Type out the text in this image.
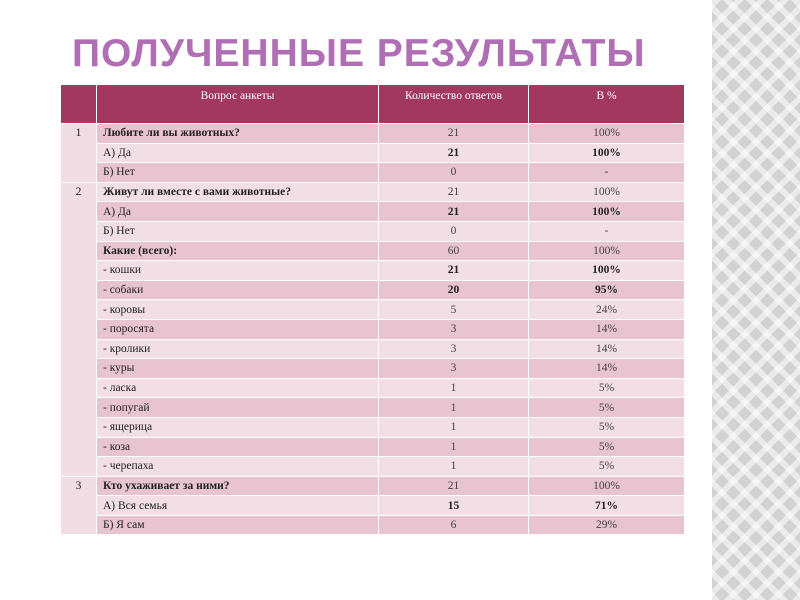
ПОЛУЧЕННЫЕ РЕЗУЛЬТАТЫ
	Вопрос анкеты	Количество ответов	В %
1	Любите ли вы животных?	21	100%
	А) Да	21	100%
	Б) Нет	0	-
2	Живут ли вместе с вами животные?	21	100%
	А) Да	21	100%
	Б) Нет	0	-
	Какие (всего):	60	100%
	- кошки	21	100%
	- собаки	20	95%
	- коровы	5	24%
	- поросята	3	14%
	- кролики	3	14%
	- куры	3	14%
	- ласка	1	5%
	- попугай	1	5%
	- ящерица	1	5%
	- коза	1	5%
	- черепаха	1	5%
3	Кто ухаживает за ними?	21	100%
	А) Вся семья	15	71%
	Б) Я сам	6	29%
